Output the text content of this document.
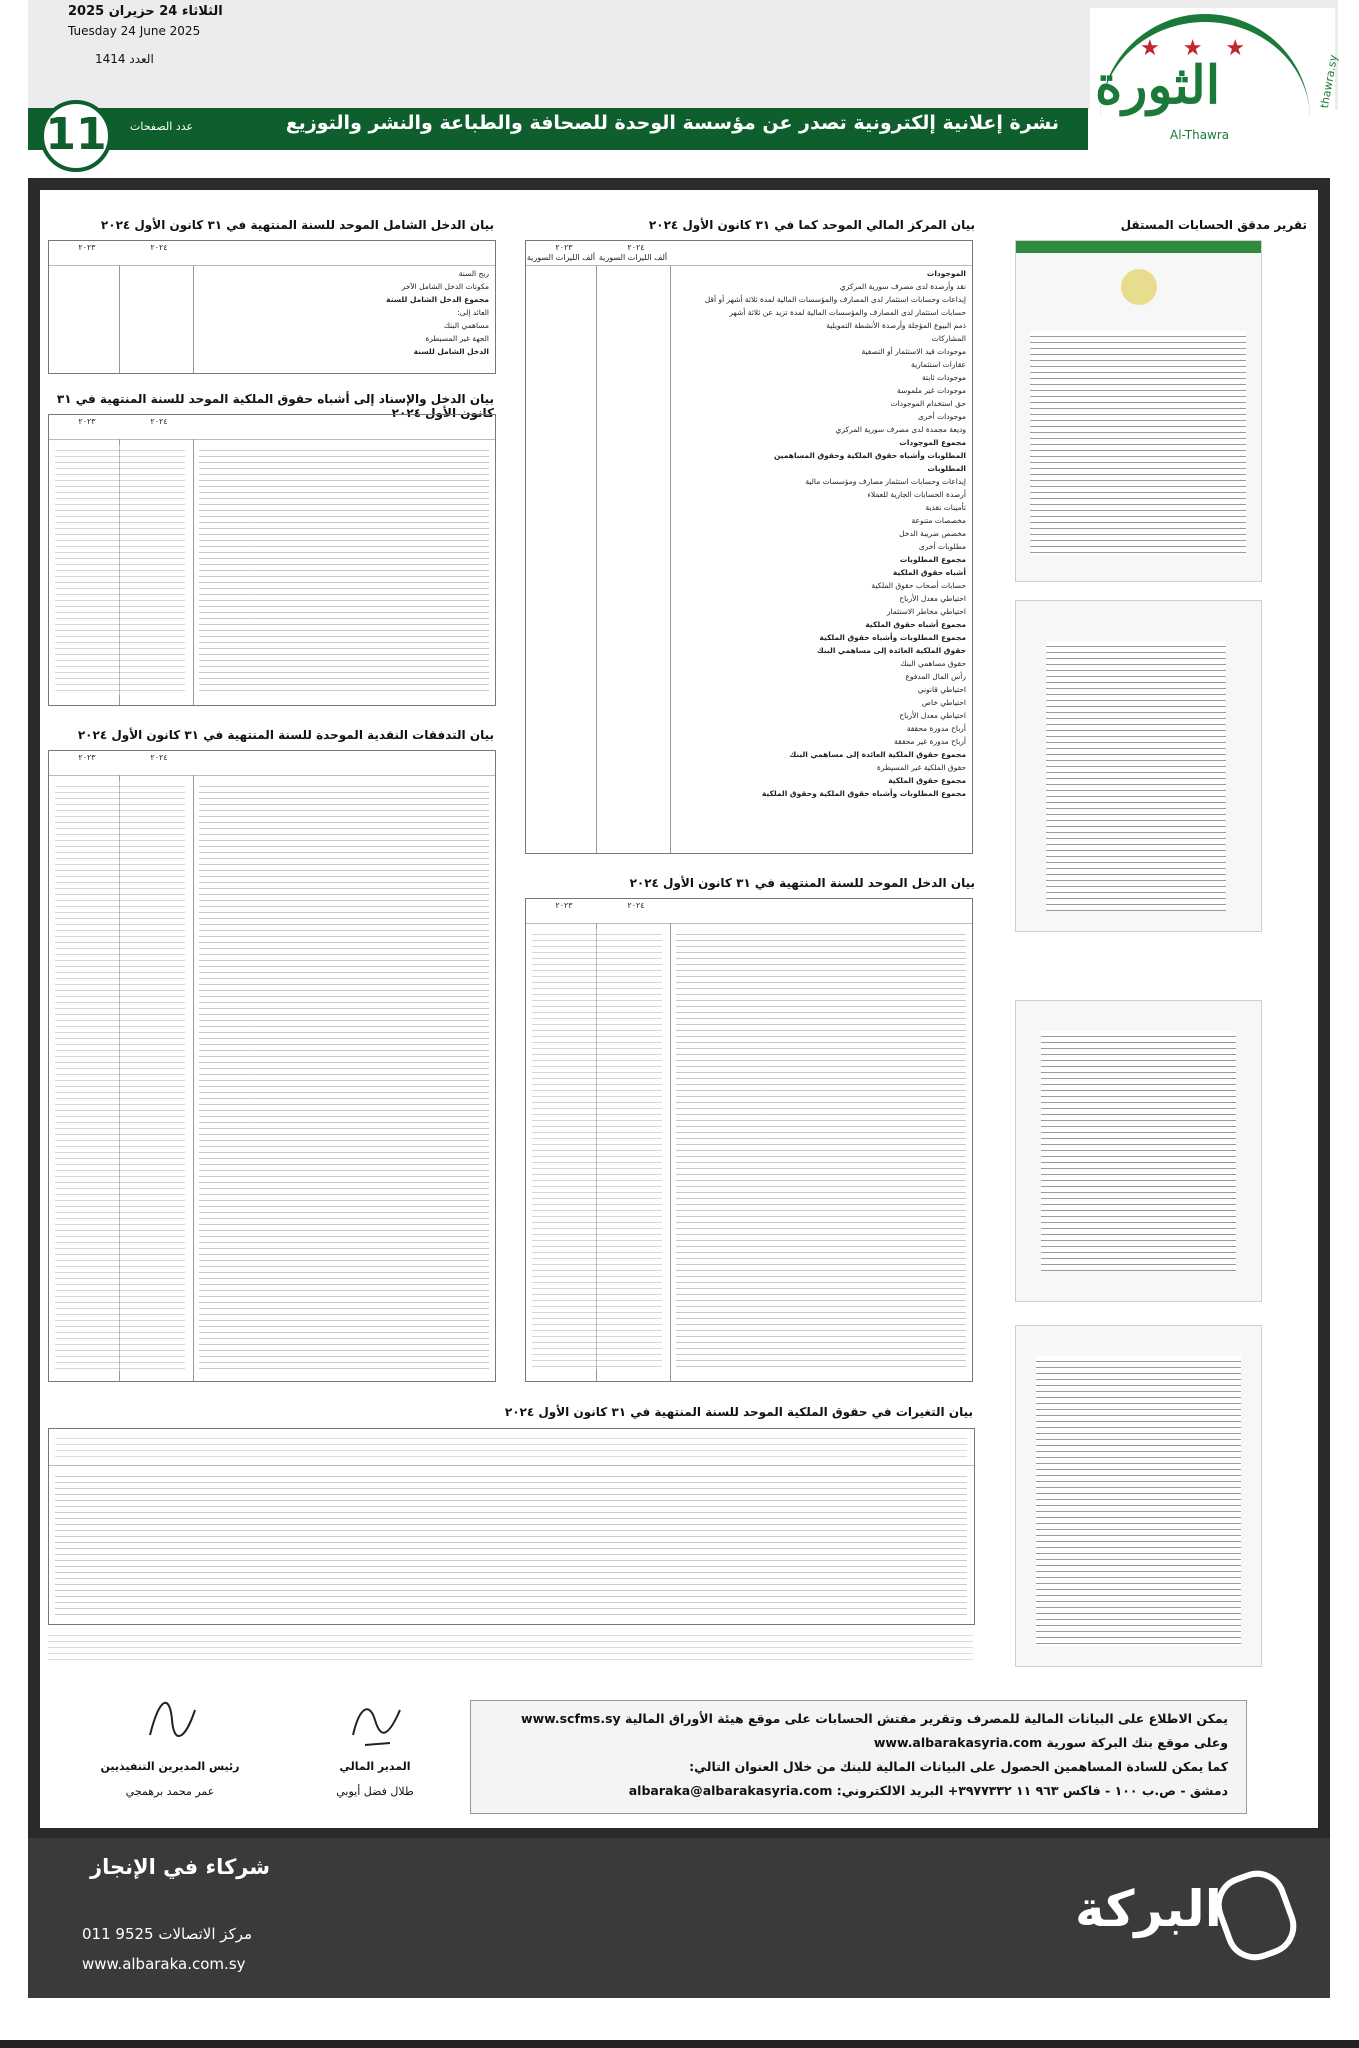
الثلاثاء 24 حزيران 2025
Tuesday 24 June 2025
العدد 1414
نشرة إعلانية إلكترونية تصدر عن مؤسسة الوحدة للصحافة والطباعة والنشر والتوزيع
عدد الصفحات
11
★ ★ ★
الثورة
Al-Thawra
thawra.sy
تقرير مدقق الحسابات المستقل
بيان المركز المالي الموحد كما في ٣١ كانون الأول ٢٠٢٤
٢٠٢٣	٢٠٢٤
ألف الليرات السورية ألف الليرات السورية
الموجودات
نقد وأرصدة لدى مصرف سورية المركزي
إيداعات وحسابات استثمار لدى المصارف والمؤسسات المالية لمدة ثلاثة أشهر أو أقل
حسابات استثمار لدى المصارف والمؤسسات المالية لمدة تزيد عن ثلاثة أشهر
ذمم البيوع المؤجلة وأرصدة الأنشطة التمويلية
المشاركات
موجودات قيد الاستثمار أو التصفية
عقارات استثمارية
موجودات ثابتة
موجودات غير ملموسة
حق استخدام الموجودات
موجودات أخرى
وديعة مجمدة لدى مصرف سورية المركزي
مجموع الموجودات
المطلوبات وأشباه حقوق الملكية وحقوق المساهمين
المطلوبات
إيداعات وحسابات استثمار مصارف ومؤسسات مالية
أرصدة الحسابات الجارية للعملاء
تأمينات نقدية
مخصصات متنوعة
مخصص ضريبة الدخل
مطلوبات أخرى
مجموع المطلوبات
أشباه حقوق الملكية
حسابات أصحاب حقوق الملكية
احتياطي معدل الأرباح
احتياطي مخاطر الاستثمار
مجموع أشباه حقوق الملكية
مجموع المطلوبات وأشباه حقوق الملكية
حقوق الملكية العائدة إلى مساهمي البنك
حقوق مساهمي البنك
رأس المال المدفوع
احتياطي قانوني
احتياطي خاص
احتياطي معدل الأرباح
أرباح مدورة محققة
أرباح مدورة غير محققة
مجموع حقوق الملكية العائدة إلى مساهمي البنك
حقوق الملكية غير المسيطرة
مجموع حقوق الملكية
مجموع المطلوبات وأشباه حقوق الملكية وحقوق الملكية
بيان الدخل الموحد للسنة المنتهية في ٣١ كانون الأول ٢٠٢٤
٢٠٢٣	٢٠٢٤
بيان الدخل الشامل الموحد للسنة المنتهية في ٣١ كانون الأول ٢٠٢٤
٢٠٢٣	٢٠٢٤
ربح السنة
مكونات الدخل الشامل الآخر
مجموع الدخل الشامل للسنة
العائد إلى:
مساهمي البنك
الجهة غير المسيطرة
الدخل الشامل للسنة
بيان الدخل والإسناد إلى أشباه حقوق الملكية الموحد للسنة المنتهية في ٣١ كانون الأول ٢٠٢٤
٢٠٢٣	٢٠٢٤
بيان التدفقات النقدية الموحدة للسنة المنتهية في ٣١ كانون الأول ٢٠٢٤
٢٠٢٣	٢٠٢٤
بيان التغيرات في حقوق الملكية الموحد للسنة المنتهية في ٣١ كانون الأول ٢٠٢٤
يمكن الاطلاع على البيانات المالية للمصرف وتقرير مفتش الحسابات على موقع هيئة الأوراق المالية www.scfms.sy
وعلى موقع بنك البركة سورية www.albarakasyria.com
كما يمكن للسادة المساهمين الحصول على البيانات المالية للبنك من خلال العنوان التالي:
دمشق - ص.ب ١٠٠ - فاكس ٩٦٣ ١١ ٣٩٧٧٣٣٢+ البريد الالكتروني: albaraka@albarakasyria.com
رئيس المديرين التنفيذيين
عمر محمد برهمجي
المدير المالي
طلال فضل أيوبي
شركاء في الإنجاز
مركز الاتصالات 9525 011
www.albaraka.com.sy
البركة
